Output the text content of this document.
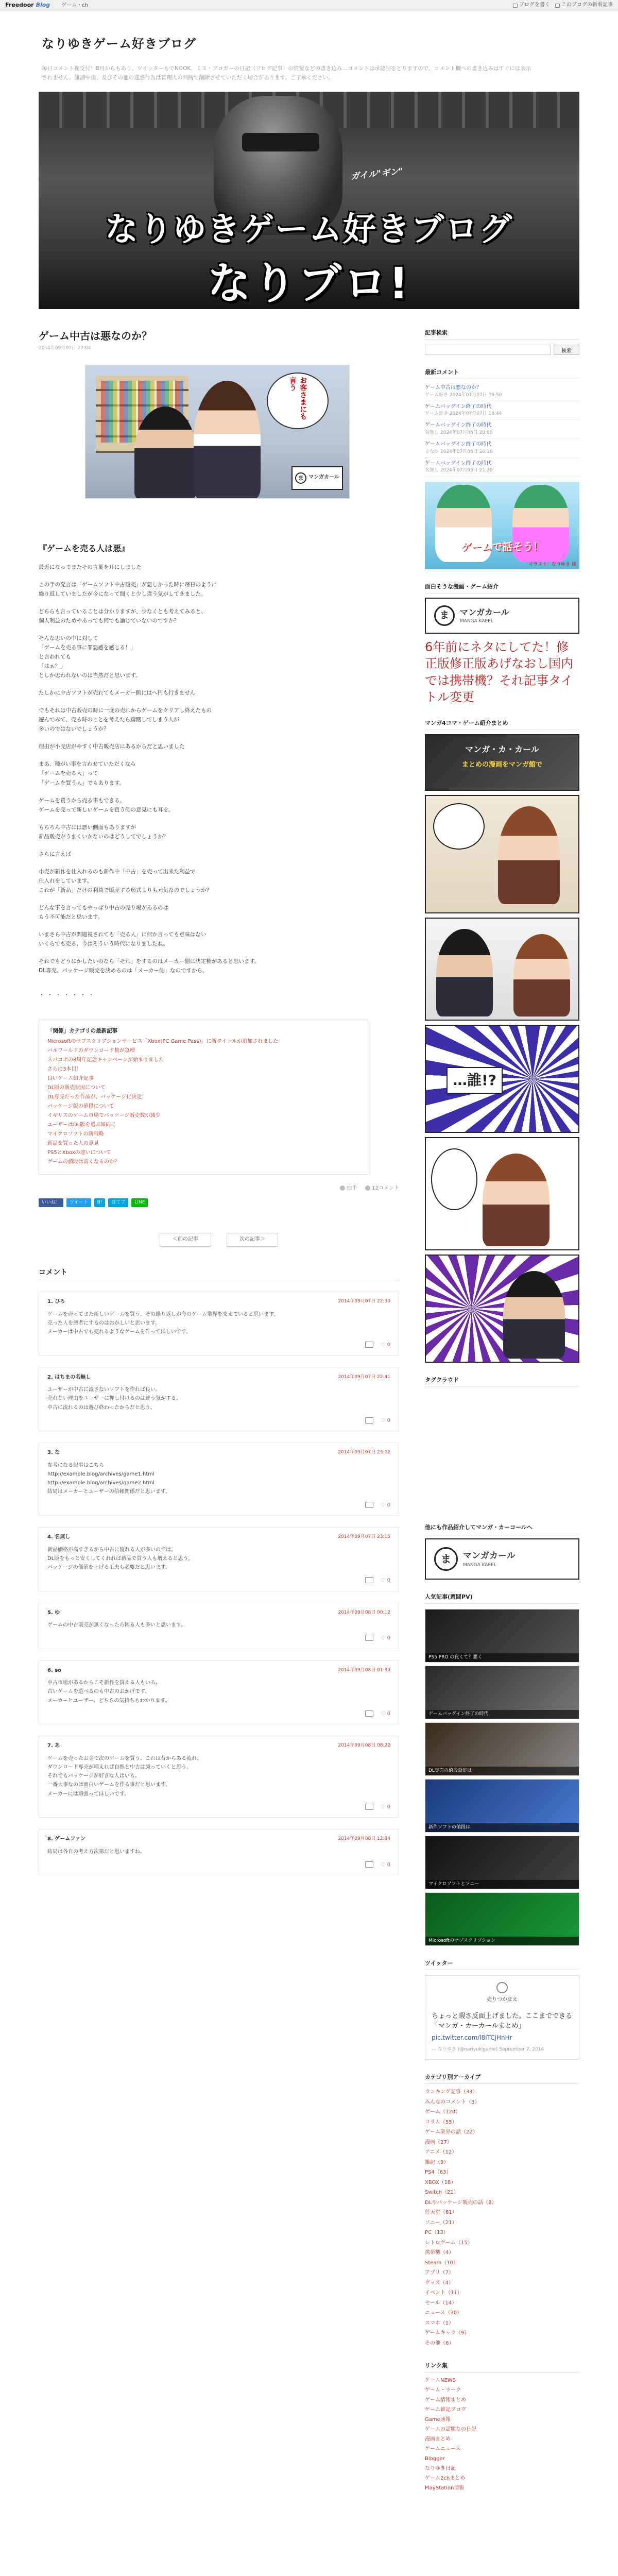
Freedoor Blog ゲーム・ch	ブログを書く このブログの新着記事
なりゆきゲーム好きブログ
毎日コメント欄受付！8月からもあり、ツイッターもでNOOK、ミス・ブロガーの日記（ブログ記事）の情報などの書き込み…コメントは承認制をとりますので、コメント欄への書き込みはすぐには表示されません。誹謗中傷、及びその他の迷惑行為は管理人の判断で削除させていただく場合があります。ご了承ください。
ガイル"ギン"
なりゆきゲーム好きブログ
なりブロ!
ゲーム中古は悪なのか？
2014年09月07日 22:04
お客さまにも言う
ま マンガカール
『ゲームを売る人は悪』
最近になってまたその言葉を耳にしました
この手の発言は「ゲームソフト中古販売」が悪しかった時に毎日のように
繰り返していましたが今になって聞くと少し違う気がしてきました。
どちらも言っていることは分かりますが、少なくとも考えてみると、
個人利益のためやあっても何でも論じていないのですか？
そんな思いの中に対して
「ゲームを売る事に罪悪感を感じる！」
と言われても
「はぁ？」
としか思われないのは当然だと思います。
たしかに中古ソフトが売れてもメーカー側にはへ円も行きません
でもそれは中古販売の時に一度の売れからゲームをクリアし終えたもの
遊んでみて、売る時のことを考えたら躊躇してしまう人が
多いのではないでしょうか？
理由が小売店がやすく中古販売店にあるからだと思いました
まあ、種がい事を言わせていただくなら
「ゲームを売る人」って
「ゲームを買う人」でもあります。
ゲームを買うから売る事もできる。
ゲームを売って新しいゲームを買う側の意見にも耳を。
もちろん中古には悪い側面もありますが
新品販売がうまくいかないのはどうしてでしょうか？
さらに言えば
小売が新作を仕入れるのも新作中「中古」を売って出来た利益で
仕入れをしています。
これが「新品」だけの利益で販売する形式よりも元気なのでしょうか？
どんな事を言ってもやっぱり中古の売り場があるのは
もう不可能だと思います。
いまさら中古が問題視されても「売る人」に何か言っても意味はない
いくらでも売る、今はそういう時代になりましたね。
それでもどうにかしたいのなら「それ」をするのはメーカー側に決定権があると思います。
DL専売、パッケージ販売を決めるのは「メーカー側」なのですから。
・・・・・・・
「関係」カテゴリの最新記事
Microsoftのサブスクリプションサービス「Xbox(PC Game Pass)」に新タイトルが追加されました
パルワールドのダウンロード数が急増
スパロボの8周年記念キャンペーンが始まりました
さらに3本目！
良いゲーム紹介記事
DL版の販売状況について
DL専売だった作品が、パッケージ化決定！
パッケージ版の値段について
イギリスのゲーム市場でパッケージ販売数が減少
ユーザーはDL版を選ぶ傾向に
マイクロソフトの新戦略
新品を買った人の意見
PS5とXboxの違いについて
ゲームの値段は高くなるのか？
拍手	12コメント
いいね！	ツイート	B!	はてブ	LINE
＜前の記事	次の記事＞
コメント
1. ひろ	2014年09月07日 22:30
ゲームを売ってまた新しいゲームを買う。その繰り返しが今のゲーム業界を支えていると思います。
売った人を悪者にするのはおかしいと思います。
メーカーは中古でも売れるようなゲームを作ってほしいです。
♡ 0
2. はちまの名無し	2014年09月07日 22:41
ユーザーが中古に流さないソフトを作れば良い。
売れない理由をユーザーに押し付けるのは違う気がする。
中古に流れるのは遊び終わったからだと思う。
♡ 0
3. な	2014年09月07日 23:02
参考になる記事はこちら
http://example.blog/archives/game1.html
http://example.blog/archives/game2.html
結局はメーカーとユーザーの信頼関係だと思います。
♡ 0
4. 名無し	2014年09月07日 23:15
新品価格が高すぎるから中古に流れる人が多いのでは。
DL版をもっと安くしてくれれば新品で買う人も増えると思う。
パッケージの価値を上げる工夫も必要だと思います。
♡ 0
5. ゆ	2014年09月08日 00:12
ゲームの中古販売が無くなったら困る人も多いと思います。
♡ 0
6. so	2014年09月08日 01:30
中古市場があるからこそ新作を買える人もいる。
古いゲームを遊べるのも中古のおかげです。
メーカーとユーザー、どちらの気持ちもわかります。
♡ 0
7. あ	2014年09月08日 08:22
ゲームを売ったお金で次のゲームを買う、これは昔からある流れ。
ダウンロード専売が増えれば自然と中古は減っていくと思う。
それでもパッケージが好きな人はいる。
一番大事なのは面白いゲームを作る事だと思います。
メーカーには頑張ってほしいです。
♡ 0
8. ゲームファン	2014年09月08日 12:04
結局は各自の考え方次第だと思いますね。
♡ 0
記事検索
検索
最新コメント
ゲーム中古は悪なのか？
ゲーム好き 2024年07月07日 09:50
ゲームバッグイン終了の時代
ゲーム好き 2024年07月07日 10:44
ゲームバッグイン終了の時代
名無し 2024年07月06日 20:00
ゲームバッグイン終了の時代
まなか 2024年07月06日 20:16
ゲームバッグイン終了の時代
名無し 2024年07月05日 21:30
ゲームで話そう！
イラスト：なりゆき 様
面白そうな漫画・ゲーム紹介
ま	マンガカール
MANGA KAEEL
6年前にネタにしてた！修正版修正版あげなおし国内では携帯機？それ記事タイトル変更
マンガ4コマ・ゲーム紹介まとめ
マンガ・カ・カール
まとめの漫画をマンガ館で
…誰!?
タグクラウド
他にも作品紹介してマンガ・カーコールへ
ま	マンガカール
MANGA KAEEL
人気記事(週間PV)
PS5 PRO の良くて？悪く
ゲームバッグイン終了の時代
DL専売の値段設定は
新作ソフトの値段は
マイクロソフトとソニー
Microsoftのサブスクリプション
ツイッター
売りつかまえ
ちょっと暇さ反面上げました。ここまでできる「マンガ・カーカールまとめ」
pic.twitter.com/l8iTCjHnHr
— なりゆき (@nariyukigame) September 7, 2014
カテゴリ別アーカイブ
ランキング記事（33）
みんなのコメント（3）
ゲーム（120）
コラム（55）
ゲーム業界の話（22）
漫画（27）
アニメ（12）
雑記（9）
PS4（63）
XBOX（18）
Switch（21）
DLやパッケージ販売の話（8）
任天堂（61）
ソニー（21）
PC（13）
レトロゲーム（15）
携帯機（4）
Steam（10）
アプリ（7）
グッズ（4）
イベント（11）
セール（14）
ニュース（30）
スマホ（1）
ゲームキャラ（9）
その他（6）
リンク集
ゲームNEWS
ゲーム・ラーク
ゲーム情報まとめ
ゲーム雑記ブログ
Game速報
ゲームの話題なの日記
漫画まとめ
ゲームニュース
Blogger
なりゆき日記
ゲーム2chまとめ
PlayStation情報
